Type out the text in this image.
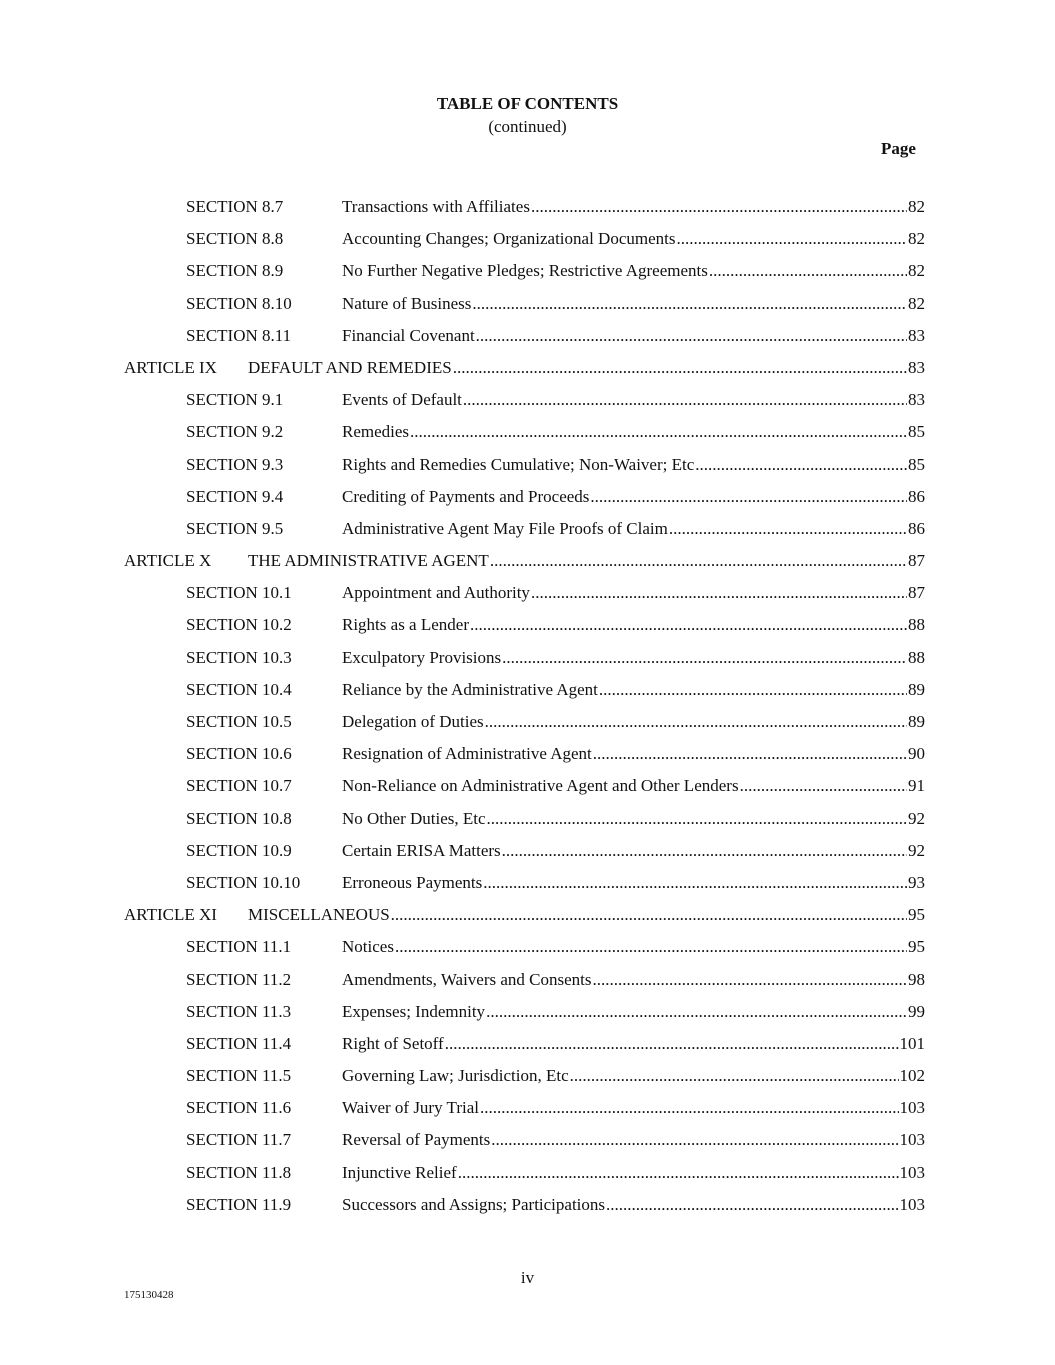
TABLE OF CONTENTS
(continued)
Page
SECTION 8.7	Transactions with Affiliates .....	82
SECTION 8.8	Accounting Changes; Organizational Documents .....	82
SECTION 8.9	No Further Negative Pledges; Restrictive Agreements .....	82
SECTION 8.10	Nature of Business .....	82
SECTION 8.11	Financial Covenant .....	83
ARTICLE IX DEFAULT AND REMEDIES .....	83
SECTION 9.1	Events of Default .....	83
SECTION 9.2	Remedies .....	85
SECTION 9.3	Rights and Remedies Cumulative; Non-Waiver; Etc .....	85
SECTION 9.4	Crediting of Payments and Proceeds .....	86
SECTION 9.5	Administrative Agent May File Proofs of Claim .....	86
ARTICLE X THE ADMINISTRATIVE AGENT .....	87
SECTION 10.1	Appointment and Authority .....	87
SECTION 10.2	Rights as a Lender .....	88
SECTION 10.3	Exculpatory Provisions .....	88
SECTION 10.4	Reliance by the Administrative Agent .....	89
SECTION 10.5	Delegation of Duties .....	89
SECTION 10.6	Resignation of Administrative Agent .....	90
SECTION 10.7	Non-Reliance on Administrative Agent and Other Lenders .....	91
SECTION 10.8	No Other Duties, Etc .....	92
SECTION 10.9	Certain ERISA Matters .....	92
SECTION 10.10 Erroneous Payments .....	93
ARTICLE XI MISCELLANEOUS .....	95
SECTION 11.1	Notices .....	95
SECTION 11.2	Amendments, Waivers and Consents .....	98
SECTION 11.3	Expenses; Indemnity .....	99
SECTION 11.4	Right of Setoff .....	101
SECTION 11.5	Governing Law; Jurisdiction, Etc .....	102
SECTION 11.6	Waiver of Jury Trial .....	103
SECTION 11.7	Reversal of Payments .....	103
SECTION 11.8	Injunctive Relief .....	103
SECTION 11.9	Successors and Assigns; Participations .....	103
iv
175130428
